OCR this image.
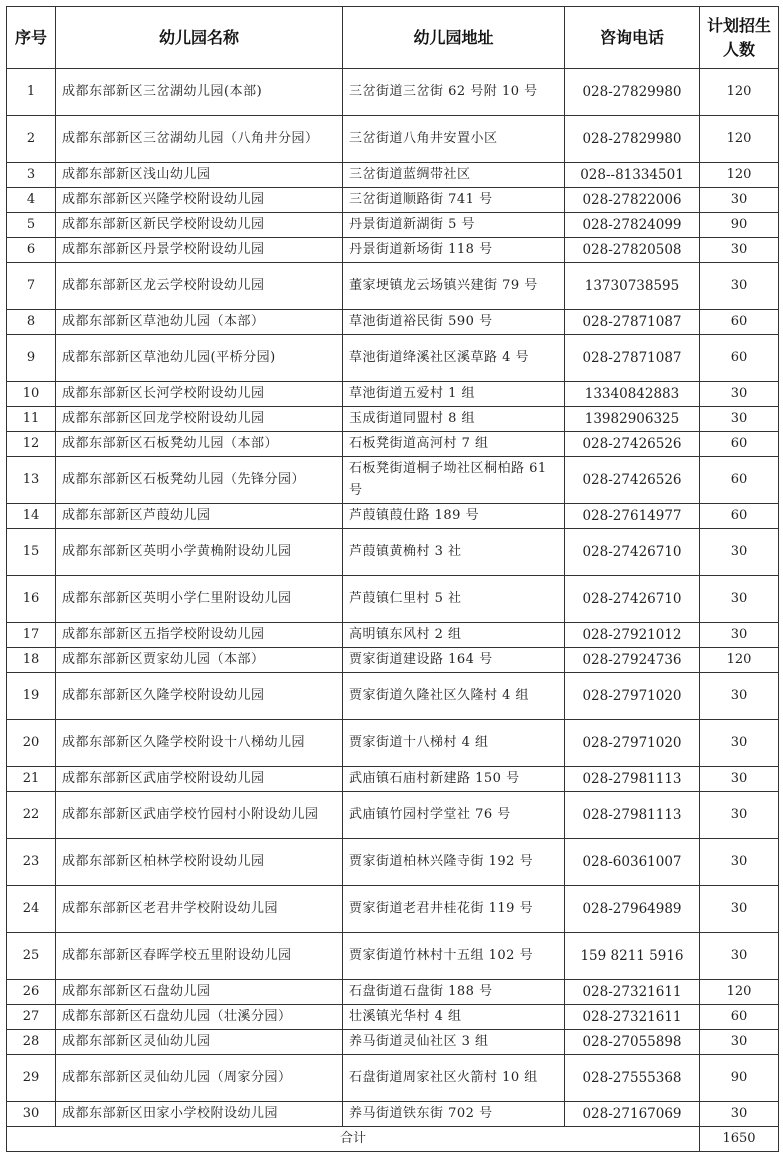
序号	幼儿园名称	幼儿园地址	咨询电话	计划招生人数
1	成都东部新区三岔湖幼儿园(本部)	三岔街道三岔街 62 号附 10 号	028-27829980	120
2	成都东部新区三岔湖幼儿园（八角井分园）	三岔街道八角井安置小区	028-27829980	120
3	成都东部新区浅山幼儿园	三岔街道蓝绸带社区	028--81334501	120
4	成都东部新区兴隆学校附设幼儿园	三岔街道顺路街 741 号	028-27822006	30
5	成都东部新区新民学校附设幼儿园	丹景街道新湖街 5 号	028-27824099	90
6	成都东部新区丹景学校附设幼儿园	丹景街道新场街 118 号	028-27820508	30
7	成都东部新区龙云学校附设幼儿园	董家埂镇龙云场镇兴建街 79 号	13730738595	30
8	成都东部新区草池幼儿园（本部）	草池街道裕民街 590 号	028-27871087	60
9	成都东部新区草池幼儿园(平桥分园)	草池街道绛溪社区溪草路 4 号	028-27871087	60
10	成都东部新区长河学校附设幼儿园	草池街道五爱村 1 组	13340842883	30
11	成都东部新区回龙学校附设幼儿园	玉成街道同盟村 8 组	13982906325	30
12	成都东部新区石板凳幼儿园（本部）	石板凳街道高河村 7 组	028-27426526	60
13	成都东部新区石板凳幼儿园（先锋分园）	石板凳街道桐子坳社区桐柏路 61 号	028-27426526	60
14	成都东部新区芦葭幼儿园	芦葭镇葭仕路 189 号	028-27614977	60
15	成都东部新区英明小学黄桷附设幼儿园	芦葭镇黄桷村 3 社	028-27426710	30
16	成都东部新区英明小学仁里附设幼儿园	芦葭镇仁里村 5 社	028-27426710	30
17	成都东部新区五指学校附设幼儿园	高明镇东风村 2 组	028-27921012	30
18	成都东部新区贾家幼儿园（本部）	贾家街道建设路 164 号	028-27924736	120
19	成都东部新区久隆学校附设幼儿园	贾家街道久隆社区久隆村 4 组	028-27971020	30
20	成都东部新区久隆学校附设十八梯幼儿园	贾家街道十八梯村 4 组	028-27971020	30
21	成都东部新区武庙学校附设幼儿园	武庙镇石庙村新建路 150 号	028-27981113	30
22	成都东部新区武庙学校竹园村小附设幼儿园	武庙镇竹园村学堂社 76 号	028-27981113	30
23	成都东部新区柏林学校附设幼儿园	贾家街道柏林兴隆寺街 192 号	028-60361007	30
24	成都东部新区老君井学校附设幼儿园	贾家街道老君井桂花街 119 号	028-27964989	30
25	成都东部新区春晖学校五里附设幼儿园	贾家街道竹林村十五组 102 号	159 8211 5916	30
26	成都东部新区石盘幼儿园	石盘街道石盘街 188 号	028-27321611	120
27	成都东部新区石盘幼儿园（壮溪分园）	壮溪镇光华村 4 组	028-27321611	60
28	成都东部新区灵仙幼儿园	养马街道灵仙社区 3 组	028-27055898	30
29	成都东部新区灵仙幼儿园（周家分园）	石盘街道周家社区火箭村 10 组	028-27555368	90
30	成都东部新区田家小学校附设幼儿园	养马街道铁东街 702 号	028-27167069	30
合计				1650
